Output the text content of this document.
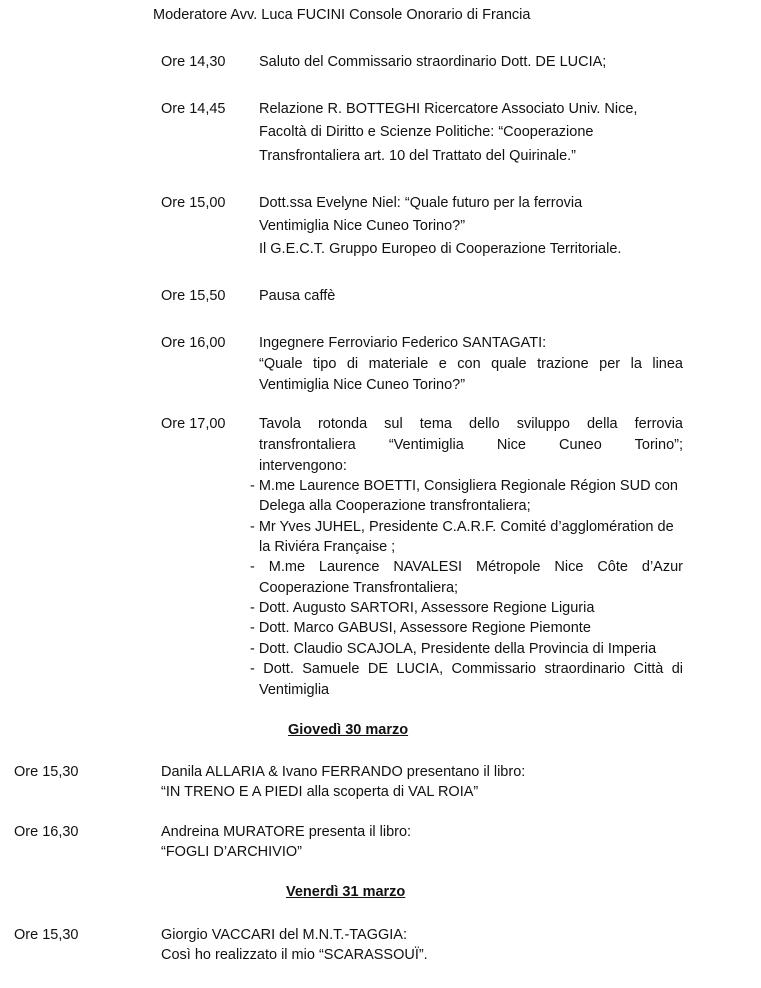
Moderatore Avv. Luca FUCINI Console Onorario di Francia
Ore 14,30 Saluto del Commissario straordinario Dott. DE LUCIA;
Ore 14,45 Relazione R. BOTTEGHI Ricercatore Associato Univ. Nice,
Facoltà di Diritto e Scienze Politiche: “Cooperazione
Transfrontaliera art. 10 del Trattato del Quirinale.”
Ore 15,00 Dott.ssa Evelyne Niel: “Quale futuro per la ferrovia
Ventimiglia Nice Cuneo Torino?”
Il G.E.C.T. Gruppo Europeo di Cooperazione Territoriale.
Ore 15,50 Pausa caffè
Ore 16,00 Ingegnere Ferroviario Federico SANTAGATI:
“Quale tipo di materiale e con quale trazione per la linea
Ventimiglia Nice Cuneo Torino?”
Ore 17,00 Tavola rotonda sul tema dello sviluppo della ferrovia
transfrontaliera “Ventimiglia Nice Cuneo Torino”;
intervengono:
- M.me Laurence BOETTI, Consigliera Regionale Région SUD con
Delega alla Cooperazione transfrontaliera;
- Mr Yves JUHEL, Presidente C.A.R.F. Comité d’agglomération de
la Riviéra Française ;
- M.me Laurence NAVALESI Métropole Nice Côte d’Azur
Cooperazione Transfrontaliera;
- Dott. Augusto SARTORI, Assessore Regione Liguria
- Dott. Marco GABUSI, Assessore Regione Piemonte
- Dott. Claudio SCAJOLA, Presidente della Provincia di Imperia
- Dott. Samuele DE LUCIA, Commissario straordinario Città di
Ventimiglia
Giovedì 30 marzo
Ore 15,30	Danila ALLARIA & Ivano FERRANDO presentano il libro:
“IN TRENO E A PIEDI alla scoperta di VAL ROIA”
Ore 16,30	Andreina MURATORE presenta il libro:
“FOGLI D’ARCHIVIO”
Venerdì 31 marzo
Ore 15,30	Giorgio VACCARI del M.N.T.-TAGGIA:
Così ho realizzato il mio “SCARASSOUÏ”.
